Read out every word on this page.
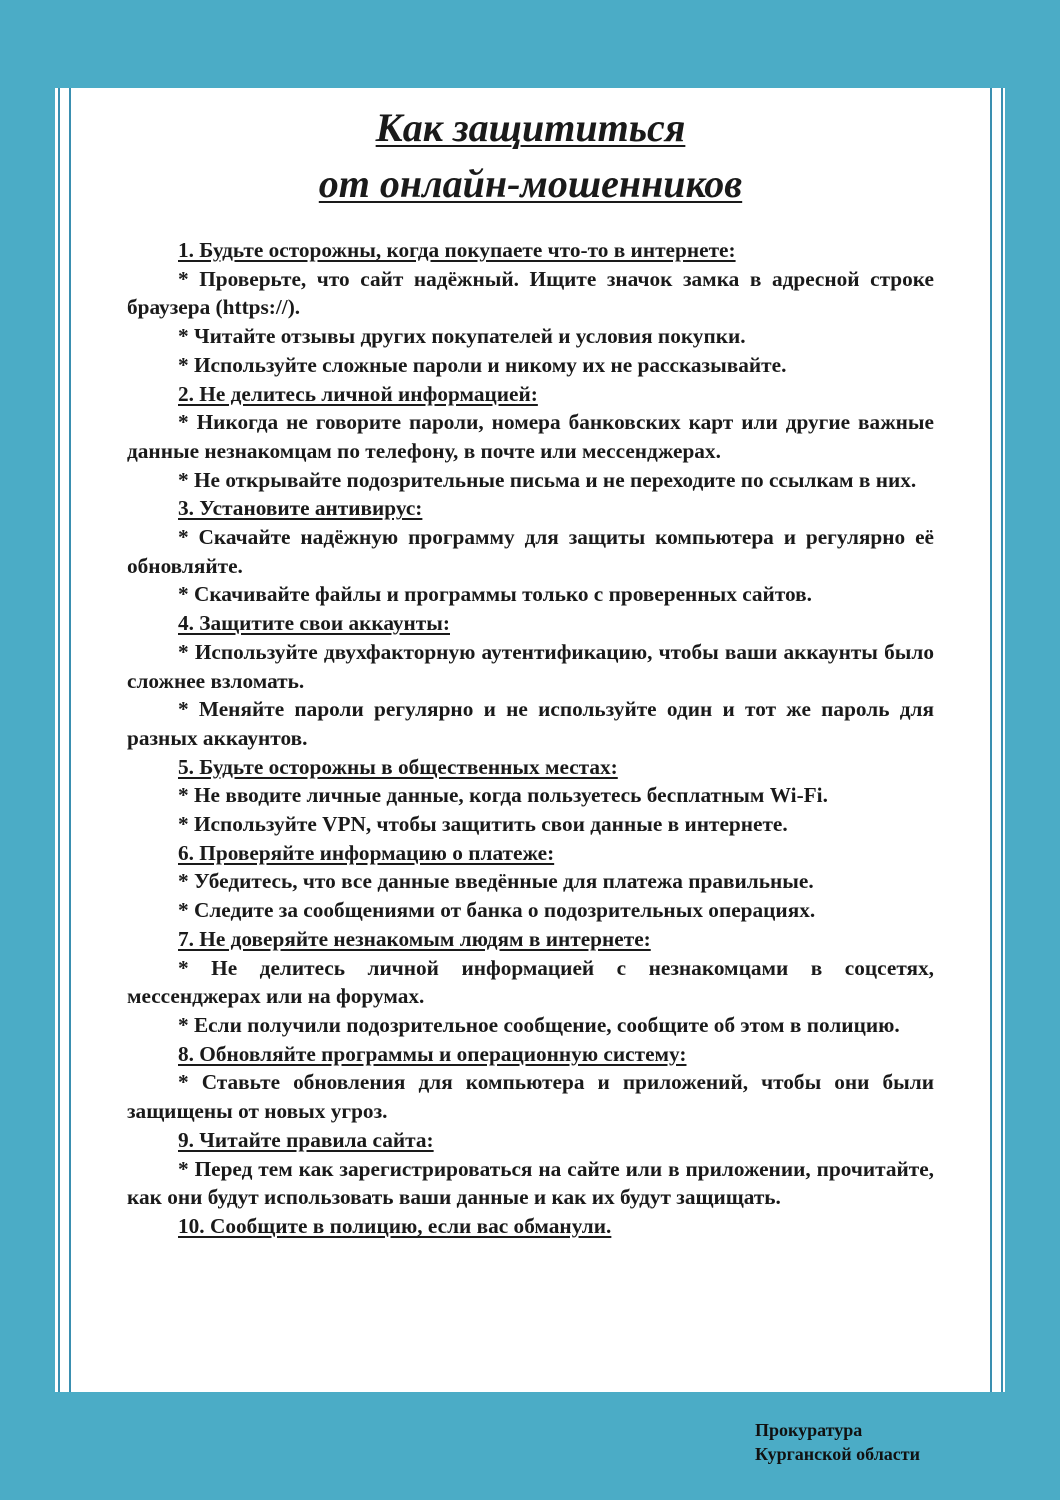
Как защититься
от онлайн-мошенников

1. Будьте осторожны, когда покупаете что-то в интернете:

* Проверьте, что сайт надёжный. Ищите значок замка в адресной строке браузера (https://).

* Читайте отзывы других покупателей и условия покупки.

* Используйте сложные пароли и никому их не рассказывайте.

2. Не делитесь личной информацией:

* Никогда не говорите пароли, номера банковских карт или другие важные данные незнакомцам по телефону, в почте или мессенджерах.

* Не открывайте подозрительные письма и не переходите по ссылкам в них.

3. Установите антивирус:

* Скачайте надёжную программу для защиты компьютера и регулярно её обновляйте.

* Скачивайте файлы и программы только с проверенных сайтов.

4. Защитите свои аккаунты:

* Используйте двухфакторную аутентификацию, чтобы ваши аккаунты было сложнее взломать.

* Меняйте пароли регулярно и не используйте один и тот же пароль для разных аккаунтов.

5. Будьте осторожны в общественных местах:

* Не вводите личные данные, когда пользуетесь бесплатным Wi-Fi.

* Используйте VPN, чтобы защитить свои данные в интернете.

6. Проверяйте информацию о платеже:

* Убедитесь, что все данные введённые для платежа правильные.

* Следите за сообщениями от банка о подозрительных операциях.

7. Не доверяйте незнакомым людям в интернете:

* Не делитесь личной информацией с незнакомцами в соцсетях, мессенджерах или на форумах.

* Если получили подозрительное сообщение, сообщите об этом в полицию.

8. Обновляйте программы и операционную систему:

* Ставьте обновления для компьютера и приложений, чтобы они были защищены от новых угроз.

9. Читайте правила сайта:

* Перед тем как зарегистрироваться на сайте или в приложении, прочитайте, как они будут использовать ваши данные и как их будут защищать.

10. Сообщите в полицию, если вас обманули.

Прокуратура
Курганской области
